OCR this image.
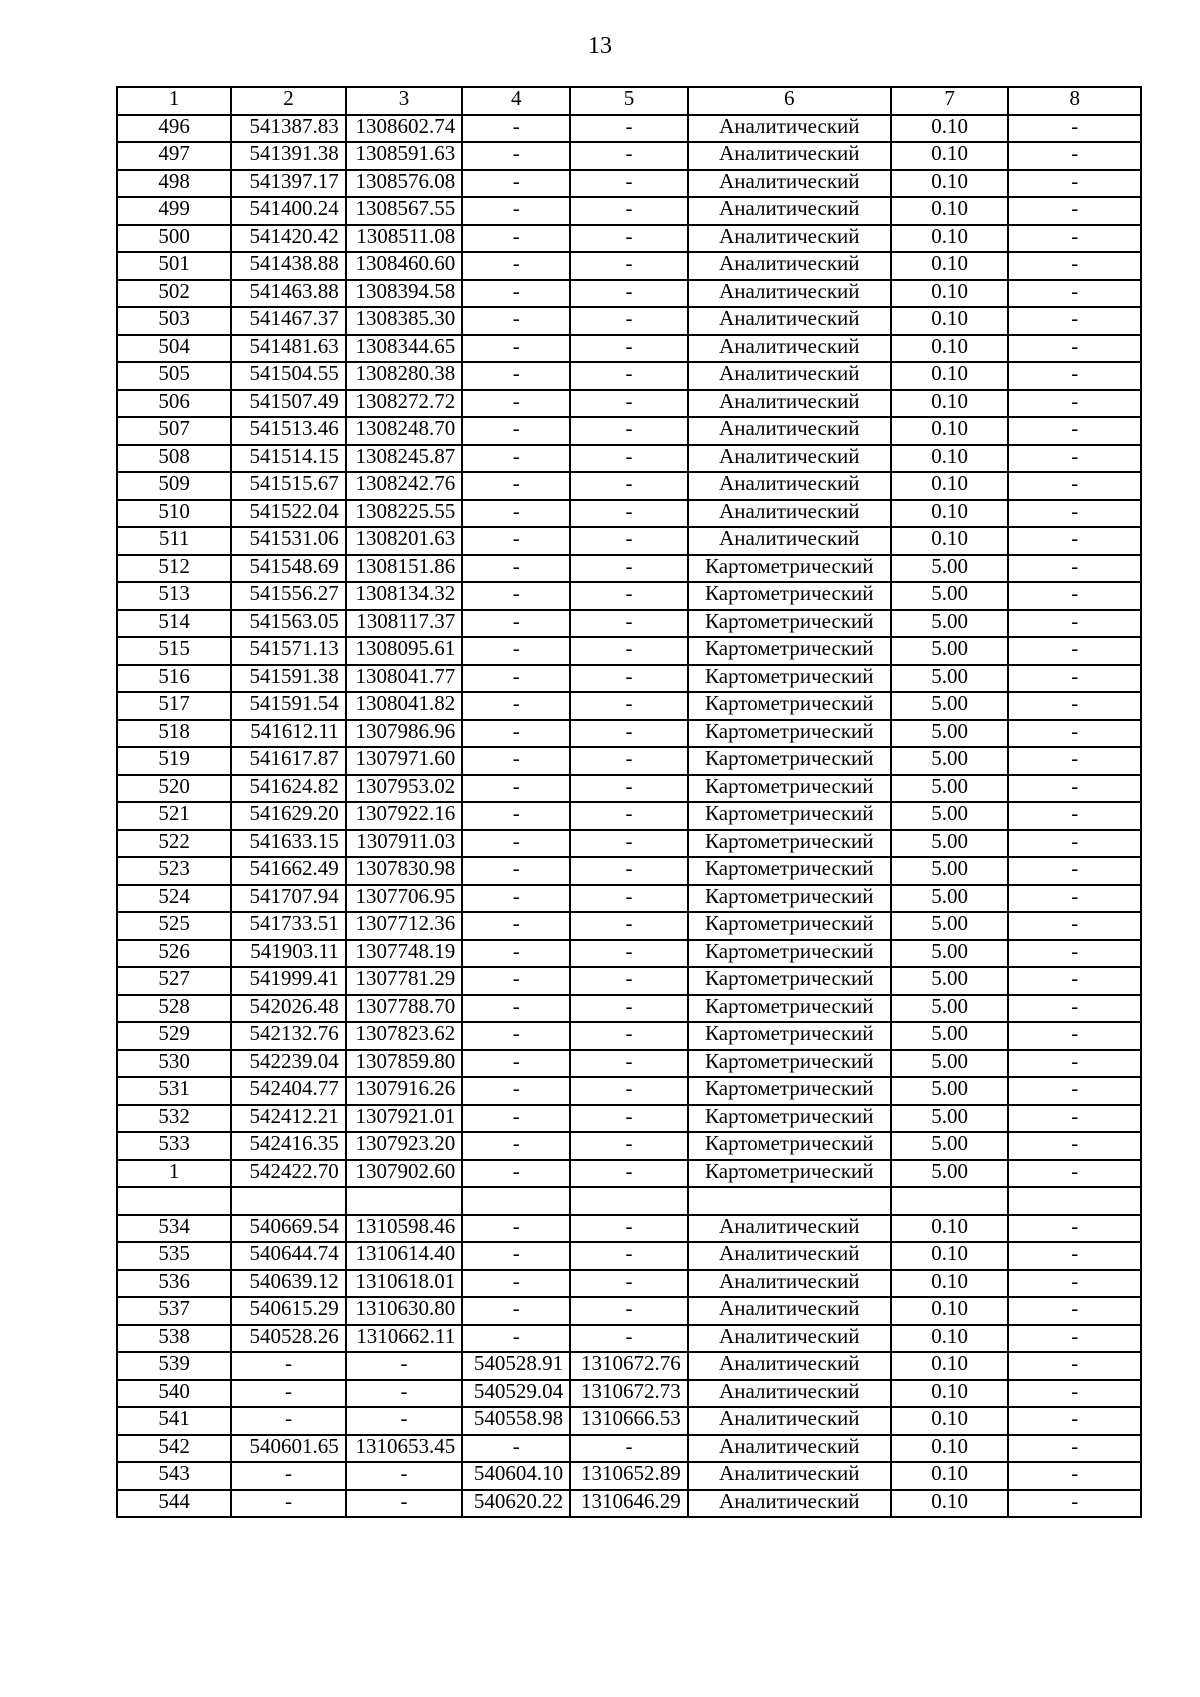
13
1	2	3	4	5	6	7	8
496	541387.83	1308602.74	-	-	Аналитический	0.10	-
497	541391.38	1308591.63	-	-	Аналитический	0.10	-
498	541397.17	1308576.08	-	-	Аналитический	0.10	-
499	541400.24	1308567.55	-	-	Аналитический	0.10	-
500	541420.42	1308511.08	-	-	Аналитический	0.10	-
501	541438.88	1308460.60	-	-	Аналитический	0.10	-
502	541463.88	1308394.58	-	-	Аналитический	0.10	-
503	541467.37	1308385.30	-	-	Аналитический	0.10	-
504	541481.63	1308344.65	-	-	Аналитический	0.10	-
505	541504.55	1308280.38	-	-	Аналитический	0.10	-
506	541507.49	1308272.72	-	-	Аналитический	0.10	-
507	541513.46	1308248.70	-	-	Аналитический	0.10	-
508	541514.15	1308245.87	-	-	Аналитический	0.10	-
509	541515.67	1308242.76	-	-	Аналитический	0.10	-
510	541522.04	1308225.55	-	-	Аналитический	0.10	-
511	541531.06	1308201.63	-	-	Аналитический	0.10	-
512	541548.69	1308151.86	-	-	Картометрический	5.00	-
513	541556.27	1308134.32	-	-	Картометрический	5.00	-
514	541563.05	1308117.37	-	-	Картометрический	5.00	-
515	541571.13	1308095.61	-	-	Картометрический	5.00	-
516	541591.38	1308041.77	-	-	Картометрический	5.00	-
517	541591.54	1308041.82	-	-	Картометрический	5.00	-
518	541612.11	1307986.96	-	-	Картометрический	5.00	-
519	541617.87	1307971.60	-	-	Картометрический	5.00	-
520	541624.82	1307953.02	-	-	Картометрический	5.00	-
521	541629.20	1307922.16	-	-	Картометрический	5.00	-
522	541633.15	1307911.03	-	-	Картометрический	5.00	-
523	541662.49	1307830.98	-	-	Картометрический	5.00	-
524	541707.94	1307706.95	-	-	Картометрический	5.00	-
525	541733.51	1307712.36	-	-	Картометрический	5.00	-
526	541903.11	1307748.19	-	-	Картометрический	5.00	-
527	541999.41	1307781.29	-	-	Картометрический	5.00	-
528	542026.48	1307788.70	-	-	Картометрический	5.00	-
529	542132.76	1307823.62	-	-	Картометрический	5.00	-
530	542239.04	1307859.80	-	-	Картометрический	5.00	-
531	542404.77	1307916.26	-	-	Картометрический	5.00	-
532	542412.21	1307921.01	-	-	Картометрический	5.00	-
533	542416.35	1307923.20	-	-	Картометрический	5.00	-
1	542422.70	1307902.60	-	-	Картометрический	5.00	-

534	540669.54	1310598.46	-	-	Аналитический	0.10	-
535	540644.74	1310614.40	-	-	Аналитический	0.10	-
536	540639.12	1310618.01	-	-	Аналитический	0.10	-
537	540615.29	1310630.80	-	-	Аналитический	0.10	-
538	540528.26	1310662.11	-	-	Аналитический	0.10	-
539	-	-	540528.91	1310672.76	Аналитический	0.10	-
540	-	-	540529.04	1310672.73	Аналитический	0.10	-
541	-	-	540558.98	1310666.53	Аналитический	0.10	-
542	540601.65	1310653.45	-	-	Аналитический	0.10	-
543	-	-	540604.10	1310652.89	Аналитический	0.10	-
544	-	-	540620.22	1310646.29	Аналитический	0.10	-
